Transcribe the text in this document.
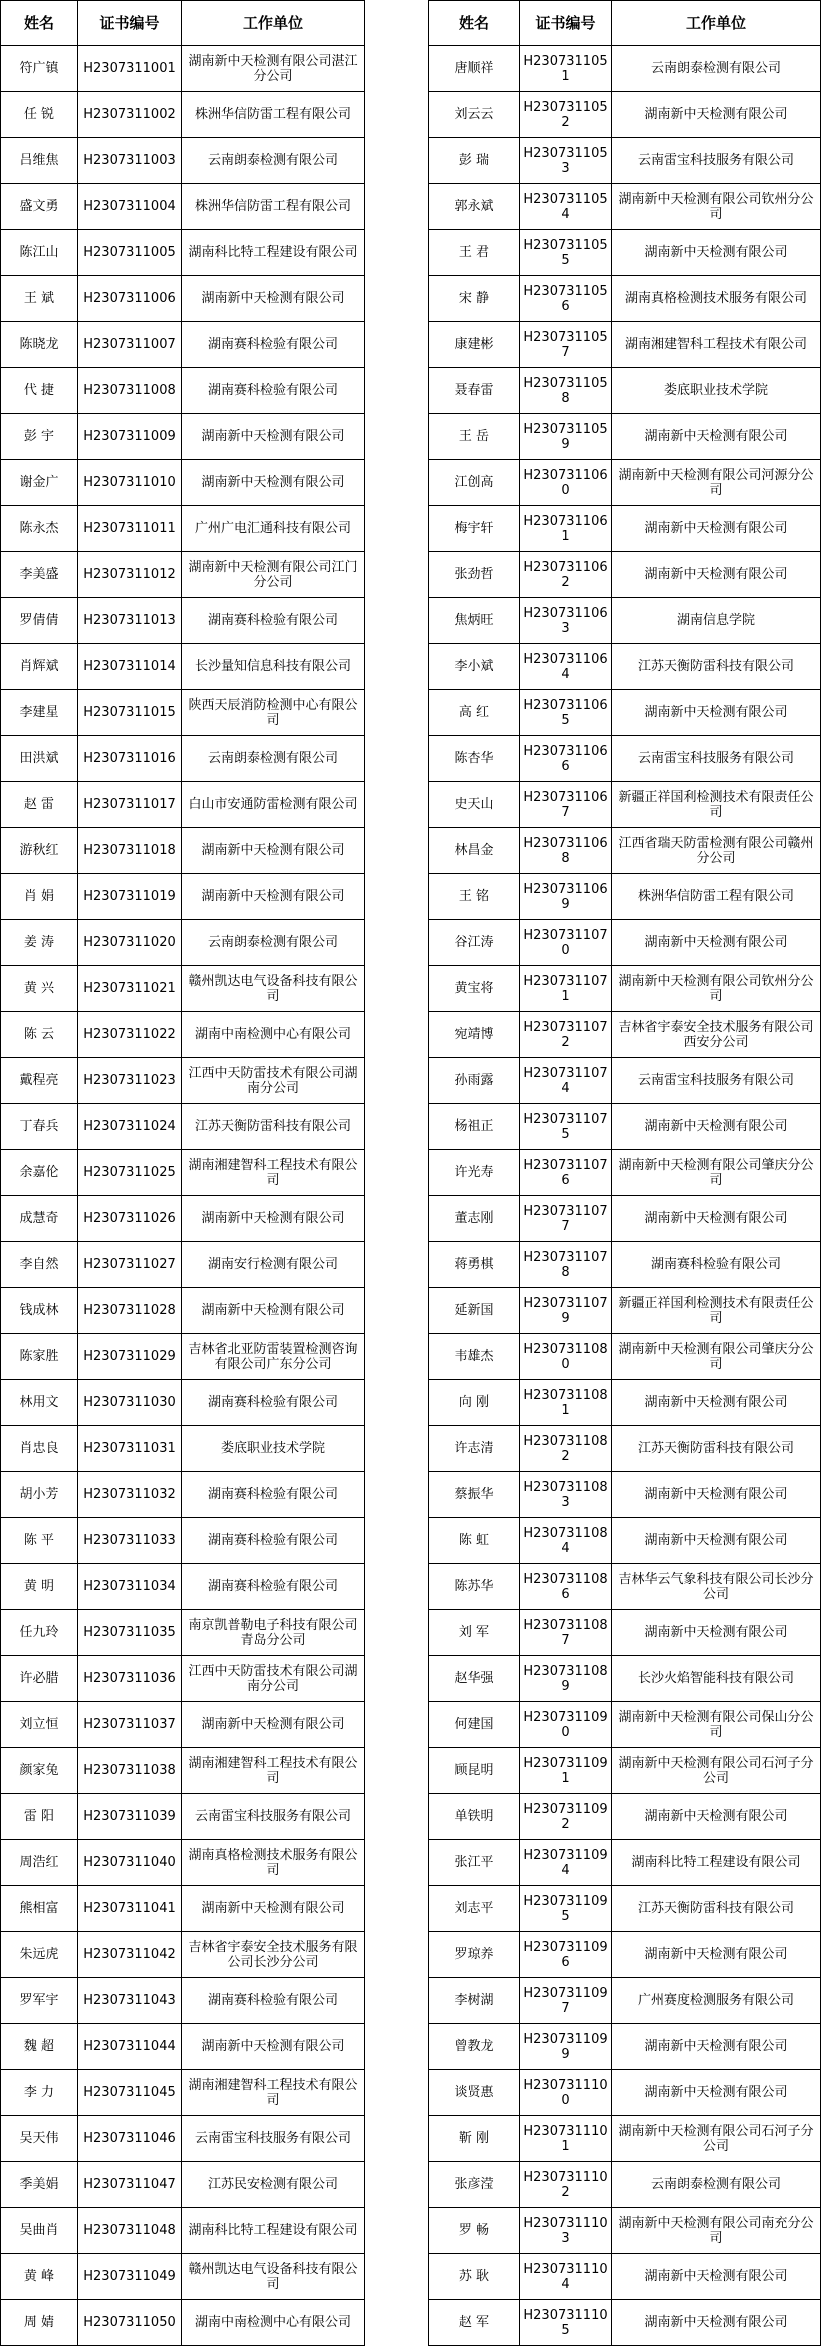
姓名	证书编号	工作单位
符广镇	H2307311001	湖南新中天检测有限公司湛江分公司
任 锐	H2307311002	株洲华信防雷工程有限公司
吕维焦	H2307311003	云南朗泰检测有限公司
盛文勇	H2307311004	株洲华信防雷工程有限公司
陈江山	H2307311005	湖南科比特工程建设有限公司
王 斌	H2307311006	湖南新中天检测有限公司
陈晓龙	H2307311007	湖南赛科检验有限公司
代 捷	H2307311008	湖南赛科检验有限公司
彭 宇	H2307311009	湖南新中天检测有限公司
谢金广	H2307311010	湖南新中天检测有限公司
陈永杰	H2307311011	广州广电汇通科技有限公司
李美盛	H2307311012	湖南新中天检测有限公司江门分公司
罗倩倩	H2307311013	湖南赛科检验有限公司
肖辉斌	H2307311014	长沙量知信息科技有限公司
李建星	H2307311015	陕西天辰消防检测中心有限公司
田洪斌	H2307311016	云南朗泰检测有限公司
赵 雷	H2307311017	白山市安通防雷检测有限公司
游秋红	H2307311018	湖南新中天检测有限公司
肖 娟	H2307311019	湖南新中天检测有限公司
姜 涛	H2307311020	云南朗泰检测有限公司
黄 兴	H2307311021	赣州凯达电气设备科技有限公司
陈 云	H2307311022	湖南中南检测中心有限公司
戴程亮	H2307311023	江西中天防雷技术有限公司湖南分公司
丁春兵	H2307311024	江苏天衡防雷科技有限公司
余嘉伦	H2307311025	湖南湘建智科工程技术有限公司
成慧奇	H2307311026	湖南新中天检测有限公司
李自然	H2307311027	湖南安行检测有限公司
钱成林	H2307311028	湖南新中天检测有限公司
陈家胜	H2307311029	吉林省北亚防雷装置检测咨询有限公司广东分公司
林用文	H2307311030	湖南赛科检验有限公司
肖忠良	H2307311031	娄底职业技术学院
胡小芳	H2307311032	湖南赛科检验有限公司
陈 平	H2307311033	湖南赛科检验有限公司
黄 明	H2307311034	湖南赛科检验有限公司
任九玲	H2307311035	南京凯普勒电子科技有限公司青岛分公司
许必腊	H2307311036	江西中天防雷技术有限公司湖南分公司
刘立恒	H2307311037	湖南新中天检测有限公司
颜家兔	H2307311038	湖南湘建智科工程技术有限公司
雷 阳	H2307311039	云南雷宝科技服务有限公司
周浩红	H2307311040	湖南真格检测技术服务有限公司
熊相富	H2307311041	湖南新中天检测有限公司
朱远虎	H2307311042	吉林省宇泰安全技术服务有限公司长沙分公司
罗军宇	H2307311043	湖南赛科检验有限公司
魏 超	H2307311044	湖南新中天检测有限公司
李 力	H2307311045	湖南湘建智科工程技术有限公司
吴天伟	H2307311046	云南雷宝科技服务有限公司
季美娟	H2307311047	江苏民安检测有限公司
吴曲肖	H2307311048	湖南科比特工程建设有限公司
黄 峰	H2307311049	赣州凯达电气设备科技有限公司
周 婧	H2307311050	湖南中南检测中心有限公司
姓名	证书编号	工作单位
唐顺祥	H2307311051	云南朗泰检测有限公司
刘云云	H2307311052	湖南新中天检测有限公司
彭 瑞	H2307311053	云南雷宝科技服务有限公司
郭永斌	H2307311054	湖南新中天检测有限公司钦州分公司
王 君	H2307311055	湖南新中天检测有限公司
宋 静	H2307311056	湖南真格检测技术服务有限公司
康建彬	H2307311057	湖南湘建智科工程技术有限公司
聂春雷	H2307311058	娄底职业技术学院
王 岳	H2307311059	湖南新中天检测有限公司
江创高	H2307311060	湖南新中天检测有限公司河源分公司
梅宇轩	H2307311061	湖南新中天检测有限公司
张劲哲	H2307311062	湖南新中天检测有限公司
焦炳旺	H2307311063	湖南信息学院
李小斌	H2307311064	江苏天衡防雷科技有限公司
高 红	H2307311065	湖南新中天检测有限公司
陈杏华	H2307311066	云南雷宝科技服务有限公司
史天山	H2307311067	新疆正祥国利检测技术有限责任公司
林昌金	H2307311068	江西省瑞天防雷检测有限公司赣州分公司
王 铭	H2307311069	株洲华信防雷工程有限公司
谷江涛	H2307311070	湖南新中天检测有限公司
黄宝将	H2307311071	湖南新中天检测有限公司钦州分公司
宛靖博	H2307311072	吉林省宇泰安全技术服务有限公司西安分公司
孙雨露	H2307311074	云南雷宝科技服务有限公司
杨祖正	H2307311075	湖南新中天检测有限公司
许光寿	H2307311076	湖南新中天检测有限公司肇庆分公司
董志刚	H2307311077	湖南新中天检测有限公司
蒋勇棋	H2307311078	湖南赛科检验有限公司
延新国	H2307311079	新疆正祥国利检测技术有限责任公司
韦雄杰	H2307311080	湖南新中天检测有限公司肇庆分公司
向 刚	H2307311081	湖南新中天检测有限公司
许志清	H2307311082	江苏天衡防雷科技有限公司
蔡振华	H2307311083	湖南新中天检测有限公司
陈 虹	H2307311084	湖南新中天检测有限公司
陈苏华	H2307311086	吉林华云气象科技有限公司长沙分公司
刘 军	H2307311087	湖南新中天检测有限公司
赵华强	H2307311089	长沙火焰智能科技有限公司
何建国	H2307311090	湖南新中天检测有限公司保山分公司
顾昆明	H2307311091	湖南新中天检测有限公司石河子分公司
单铁明	H2307311092	湖南新中天检测有限公司
张江平	H2307311094	湖南科比特工程建设有限公司
刘志平	H2307311095	江苏天衡防雷科技有限公司
罗琼养	H2307311096	湖南新中天检测有限公司
李树湖	H2307311097	广州赛度检测服务有限公司
曾教龙	H2307311099	湖南新中天检测有限公司
谈贤惠	H2307311100	湖南新中天检测有限公司
靳 刚	H2307311101	湖南新中天检测有限公司石河子分公司
张彦滢	H2307311102	云南朗泰检测有限公司
罗 畅	H2307311103	湖南新中天检测有限公司南充分公司
苏 耿	H2307311104	湖南新中天检测有限公司
赵 军	H2307311105	湖南新中天检测有限公司
